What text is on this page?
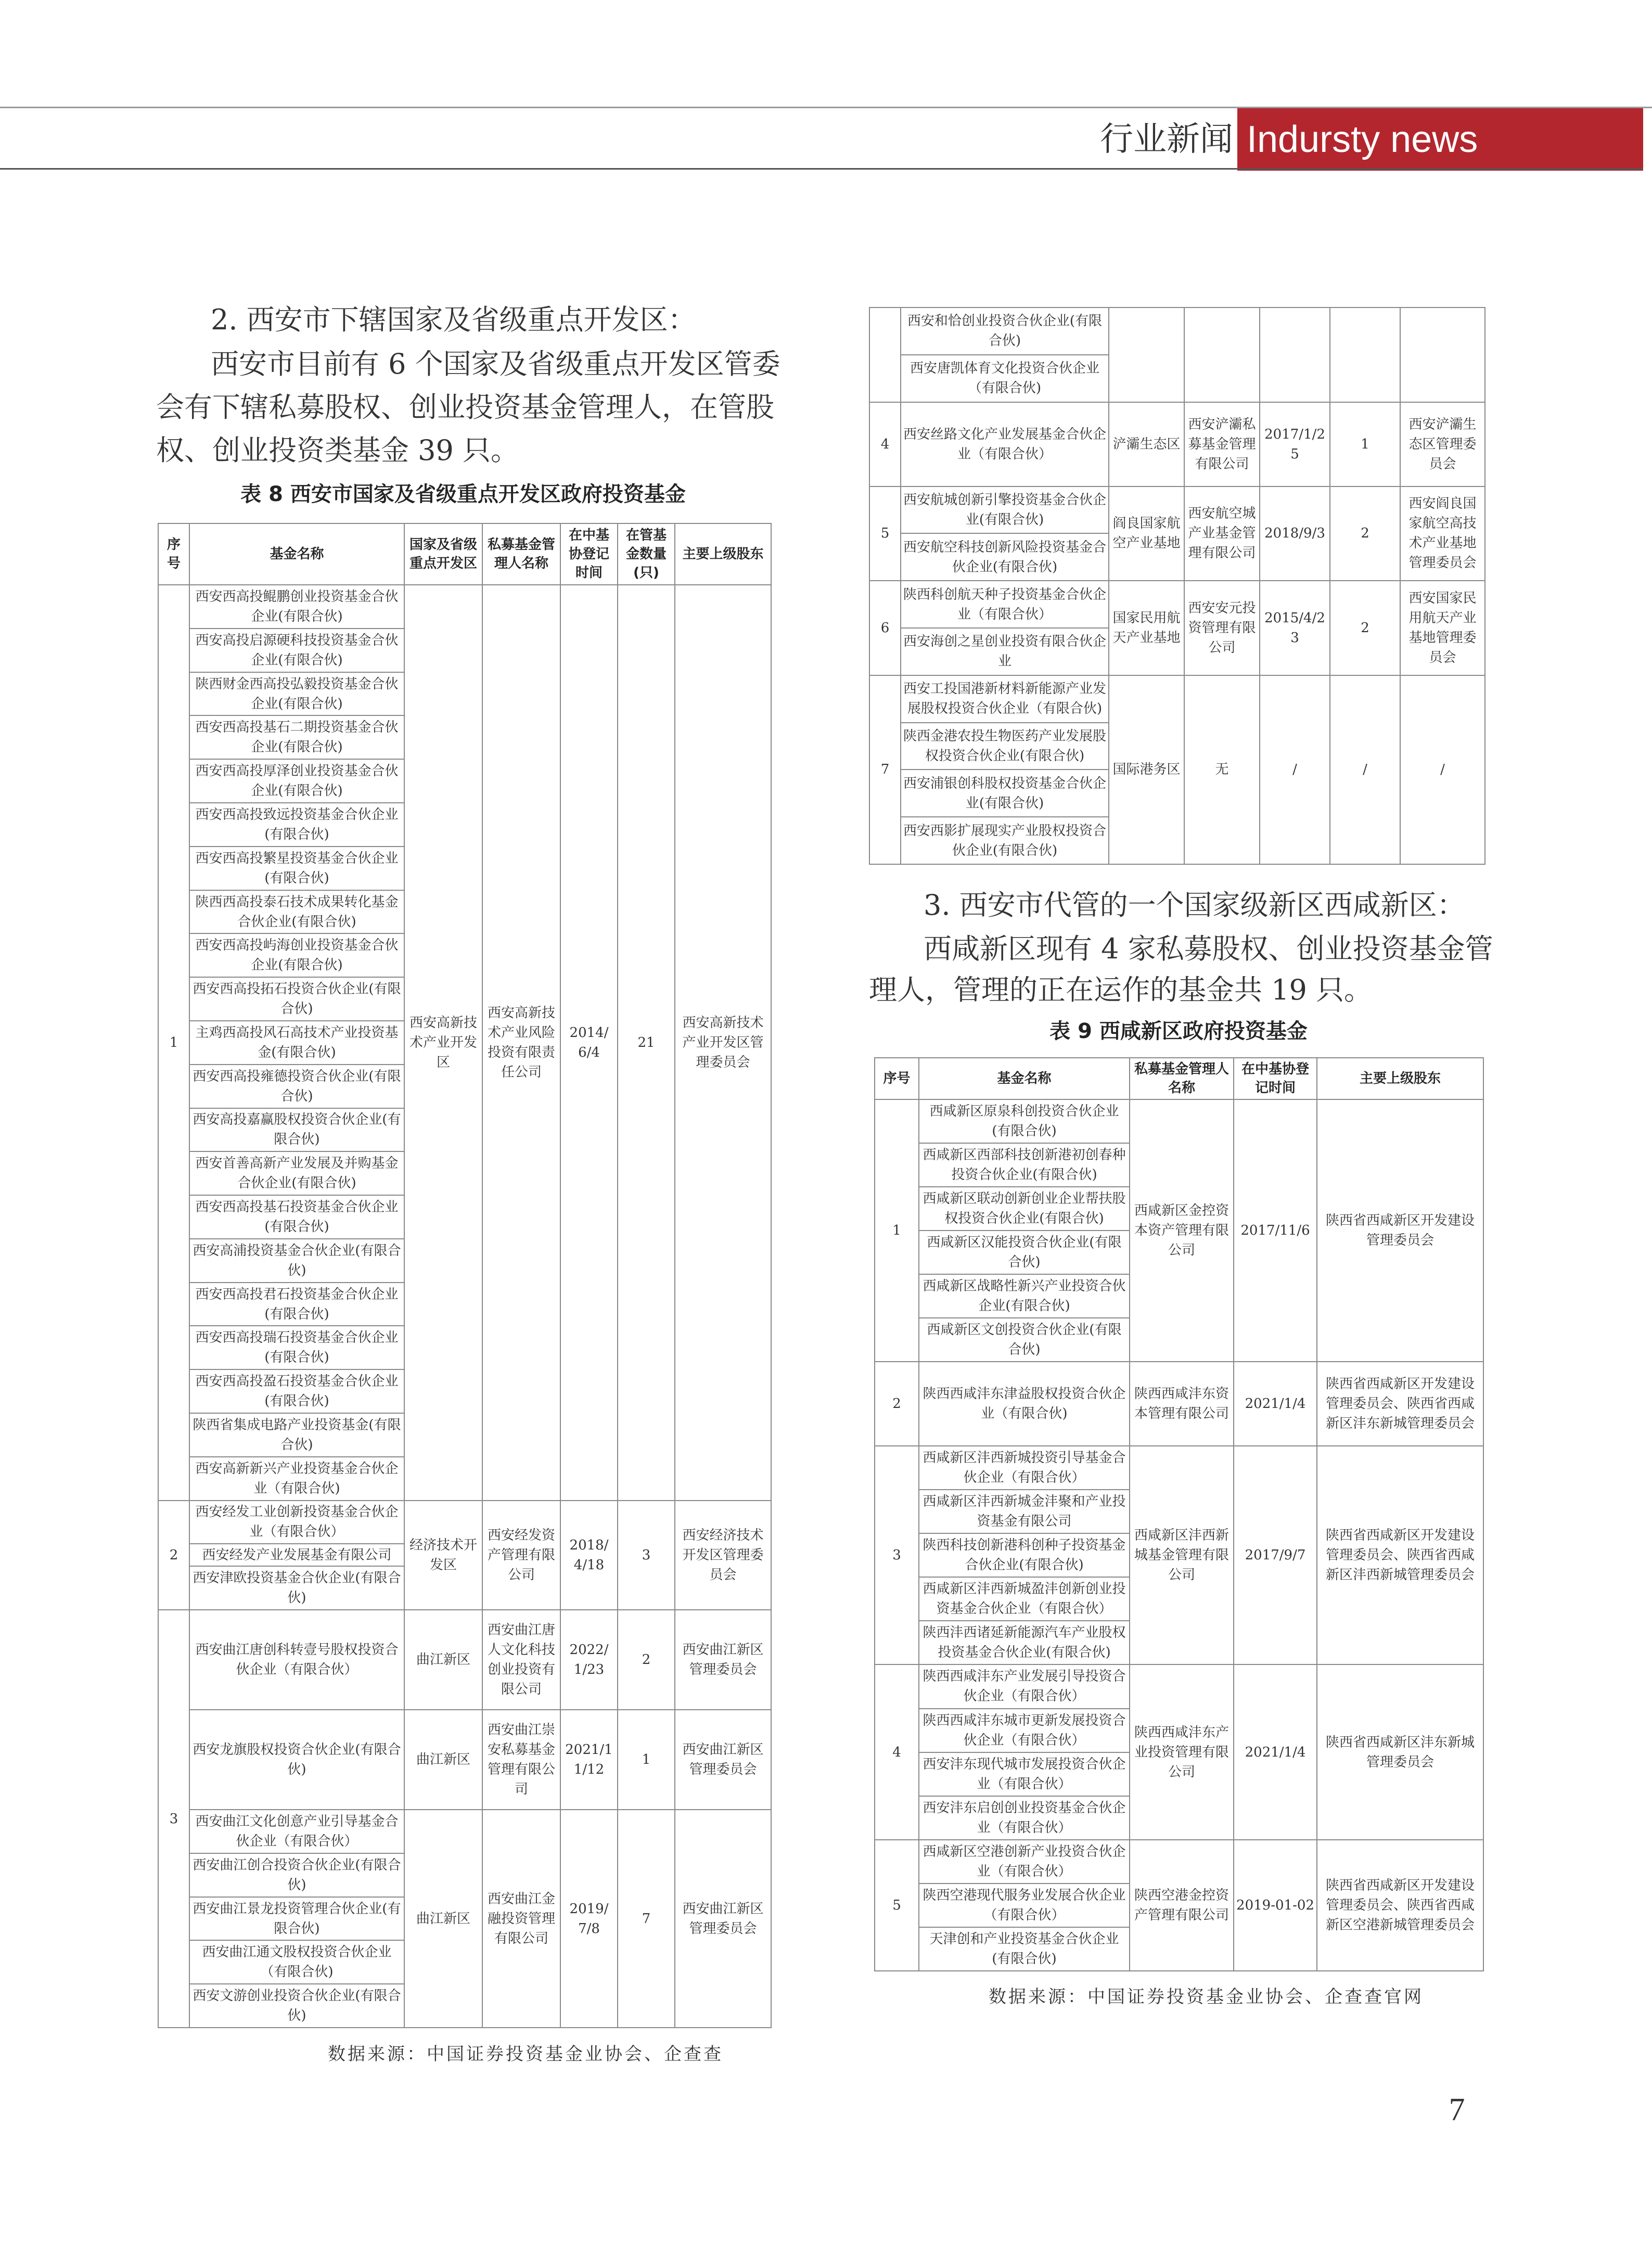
行业新闻 Indursty news
2. 西安市下辖国家及省级重点开发区：
西安市目前有 6 个国家及省级重点开发区管委
会有下辖私募股权、创业投资基金管理人，在管股
权、创业投资类基金 39 只。
表 8 西安市国家及省级重点开发区政府投资基金
序号	基金名称	国家及省级重点开发区	私募基金管理人名称	在中基协登记时间	在管基金数量(只)	主要上级股东
1	西安西高投鲲鹏创业投资基金合伙企业(有限合伙)	西安高新技术产业开发区	西安高新技术产业风险投资有限责任公司	2014/6/4	21	西安高新技术产业开发区管理委员会
	西安高投启源硬科技投资基金合伙企业(有限合伙)					
	陕西财金西高投弘毅投资基金合伙企业(有限合伙)					
	西安西高投基石二期投资基金合伙企业(有限合伙)					
	西安西高投厚泽创业投资基金合伙企业(有限合伙)					
	西安西高投致远投资基金合伙企业(有限合伙)					
	西安西高投繁星投资基金合伙企业(有限合伙)					
	陕西西高投泰石技术成果转化基金合伙企业(有限合伙)					
	西安西高投屿海创业投资基金合伙企业(有限合伙)					
	西安西高投拓石投资合伙企业(有限合伙)					
	主鸡西高投风石高技术产业投资基金(有限合伙)					
	西安西高投雍德投资合伙企业(有限合伙)					
	西安高投嘉赢股权投资合伙企业(有限合伙)					
	西安首善高新产业发展及并购基金合伙企业(有限合伙)					
	西安西高投基石投资基金合伙企业(有限合伙)					
	西安高浦投资基金合伙企业(有限合伙)					
	西安西高投君石投资基金合伙企业(有限合伙)					
	西安西高投瑞石投资基金合伙企业(有限合伙)					
	西安西高投盈石投资基金合伙企业(有限合伙)					
	陕西省集成电路产业投资基金(有限合伙)					
	西安高新新兴产业投资基金合伙企业（有限合伙)					
2	西安经发工业创新投资基金合伙企业（有限合伙）	经济技术开发区	西安经发资产管理有限公司	2018/4/18	3	西安经济技术开发区管理委员会
	西安经发产业发展基金有限公司					
	西安津欧投资基金合伙企业(有限合伙)					
3	西安曲江唐创科转壹号股权投资合伙企业（有限合伙）	曲江新区	西安曲江唐人文化科技创业投资有限公司	2022/1/23	2	西安曲江新区管理委员会
	西安龙旗股权投资合伙企业(有限合伙)	曲江新区	西安曲江崇安私募基金管理有限公司	2021/11/12	1	西安曲江新区管理委员会
	西安曲江文化创意产业引导基金合伙企业（有限合伙）	曲江新区	西安曲江金融投资管理有限公司	2019/7/8	7	西安曲江新区管理委员会
	西安曲江创合投资合伙企业(有限合伙)					
	西安曲江景龙投资管理合伙企业(有限合伙)					
	西安曲江通文股权投资合伙企业（有限合伙)					
	西安文游创业投资合伙企业(有限合伙)					
数据来源：中国证券投资基金业协会、企查查
	西安和恰创业投资合伙企业(有限合伙)					
	西安唐凯体育文化投资合伙企业（有限合伙)					
4	西安丝路文化产业发展基金合伙企业（有限合伙）	浐灞生态区	西安浐灞私募基金管理有限公司	2017/1/25	1	西安浐灞生态区管理委员会
5	西安航城创新引擎投资基金合伙企业(有限合伙)	阎良国家航空产业基地	西安航空城产业基金管理有限公司	2018/9/3	2	西安阎良国家航空高技术产业基地管理委员会
	西安航空科技创新风险投资基金合伙企业(有限合伙)					
6	陕西科创航天种子投资基金合伙企业（有限合伙）	国家民用航天产业基地	西安安元投资管理有限公司	2015/4/23	2	西安国家民用航天产业基地管理委员会
	西安海创之星创业投资有限合伙企业					
7	西安工投国港新材料新能源产业发展股权投资合伙企业（有限合伙)	国际港务区	无	/	/	/
	陕西金港农投生物医药产业发展股权投资合伙企业(有限合伙)					
	西安浦银创科股权投资基金合伙企业(有限合伙)					
	西安西影扩展现实产业股权投资合伙企业(有限合伙)					
3. 西安市代管的一个国家级新区西咸新区：
西咸新区现有 4 家私募股权、创业投资基金管
理人，管理的正在运作的基金共 19 只。
表 9 西咸新区政府投资基金
序号	基金名称	私募基金管理人名称	在中基协登记时间	主要上级股东
1	西咸新区原泉科创投资合伙企业(有限合伙)	西咸新区金控资本资产管理有限公司	2017/11/6	陕西省西咸新区开发建设管理委员会
	西咸新区西部科技创新港初创春种投资合伙企业(有限合伙)			
	西咸新区联动创新创业企业帮扶股权投资合伙企业(有限合伙)			
	西咸新区汉能投资合伙企业(有限合伙)			
	西咸新区战略性新兴产业投资合伙企业(有限合伙)			
	西咸新区文创投资合伙企业(有限合伙)			
2	陕西西咸沣东津益股权投资合伙企业（有限合伙)	陕西西咸沣东资本管理有限公司	2021/1/4	陕西省西咸新区开发建设管理委员会、陕西省西咸新区沣东新城管理委员会
3	西咸新区沣西新城投资引导基金合伙企业（有限合伙）	西咸新区沣西新城基金管理有限公司	2017/9/7	陕西省西咸新区开发建设管理委员会、陕西省西咸新区沣西新城管理委员会
	西咸新区沣西新城金沣聚和产业投资基金有限公司			
	陕西科技创新港科创种子投资基金合伙企业(有限合伙)			
	西咸新区沣西新城盈沣创新创业投资基金合伙企业（有限合伙）			
	陕西沣西诸延新能源汽车产业股权投资基金合伙企业(有限合伙)			
4	陕西西咸沣东产业发展引导投资合伙企业（有限合伙）	陕西西咸沣东产业投资管理有限公司	2021/1/4	陕西省西咸新区沣东新城管理委员会
	陕西西咸沣东城市更新发展投资合伙企业（有限合伙）			
	西安沣东现代城市发展投资合伙企业（有限合伙）			
	西安沣东启创创业投资基金合伙企业（有限合伙）			
5	西咸新区空港创新产业投资合伙企业（有限合伙）	陕西空港金控资产管理有限公司	2019-01-02	陕西省西咸新区开发建设管理委员会、陕西省西咸新区空港新城管理委员会
	陕西空港现代服务业发展合伙企业（有限合伙）			
	天津创和产业投资基金合伙企业(有限合伙)			
数据来源：中国证券投资基金业协会、企查查官网
7
